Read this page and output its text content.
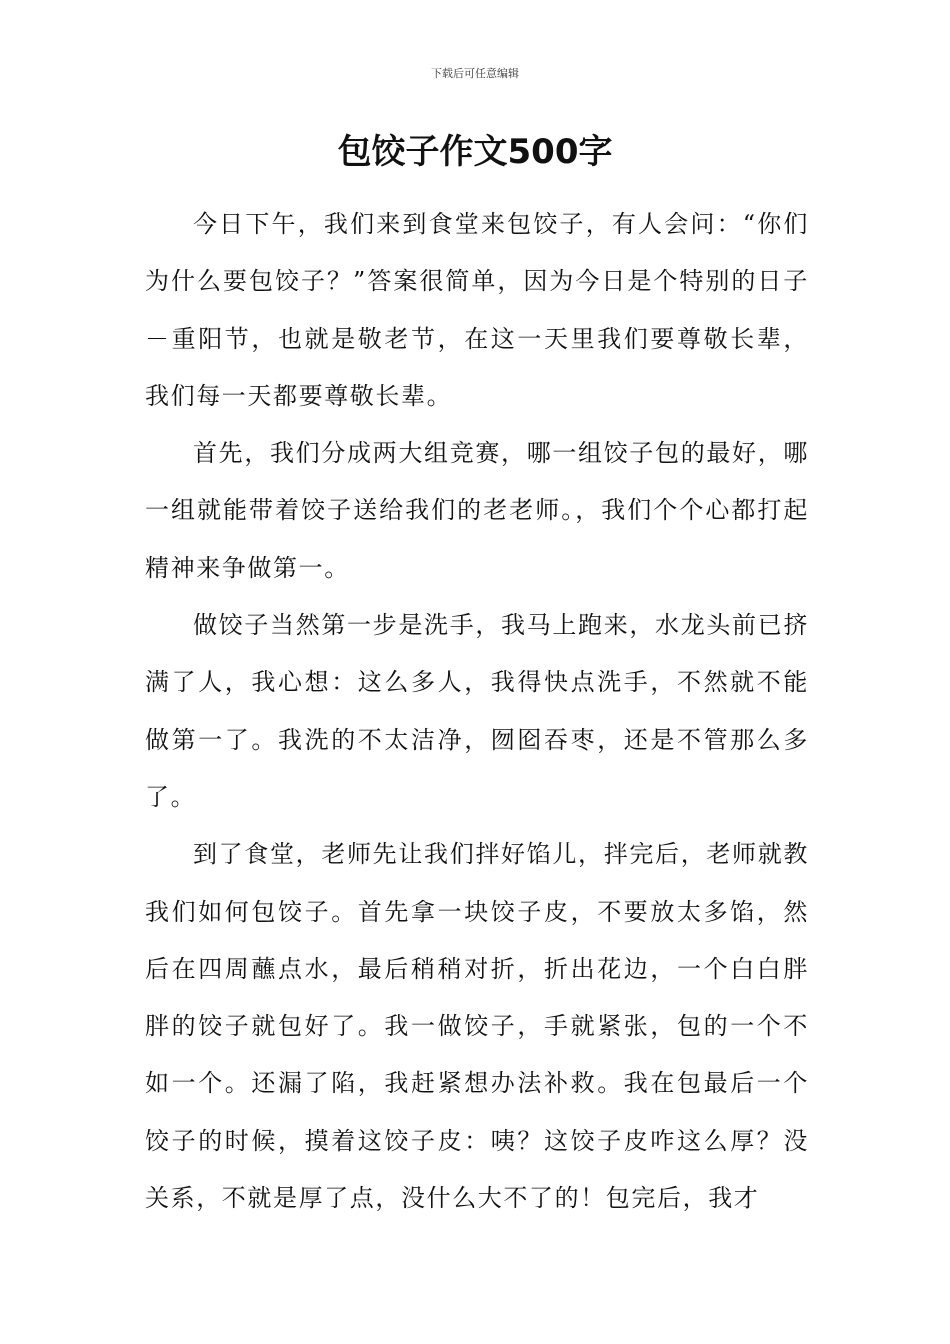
下载后可任意编辑
包饺子作文500字

今日下午，我们来到食堂来包饺子，有人会问：“你们为什么要包饺子？”答案很简单，因为今日是个特别的日子－重阳节，也就是敬老节，在这一天里我们要尊敬长辈，我们每一天都要尊敬长辈。

首先，我们分成两大组竞赛，哪一组饺子包的最好，哪一组就能带着饺子送给我们的老老师。，我们个个心都打起精神来争做第一。

做饺子当然第一步是洗手，我马上跑来，水龙头前已挤满了人，我心想：这么多人，我得快点洗手，不然就不能做第一了。我洗的不太洁净，囫囵吞枣，还是不管那么多了。

到了食堂，老师先让我们拌好馅儿，拌完后，老师就教我们如何包饺子。首先拿一块饺子皮，不要放太多馅，然后在四周蘸点水，最后稍稍对折，折出花边，一个白白胖胖的饺子就包好了。我一做饺子，手就紧张，包的一个不如一个。还漏了陷，我赶紧想办法补救。我在包最后一个饺子的时候，摸着这饺子皮：咦？这饺子皮咋这么厚？没关系，不就是厚了点，没什么大不了的！包完后，我才
